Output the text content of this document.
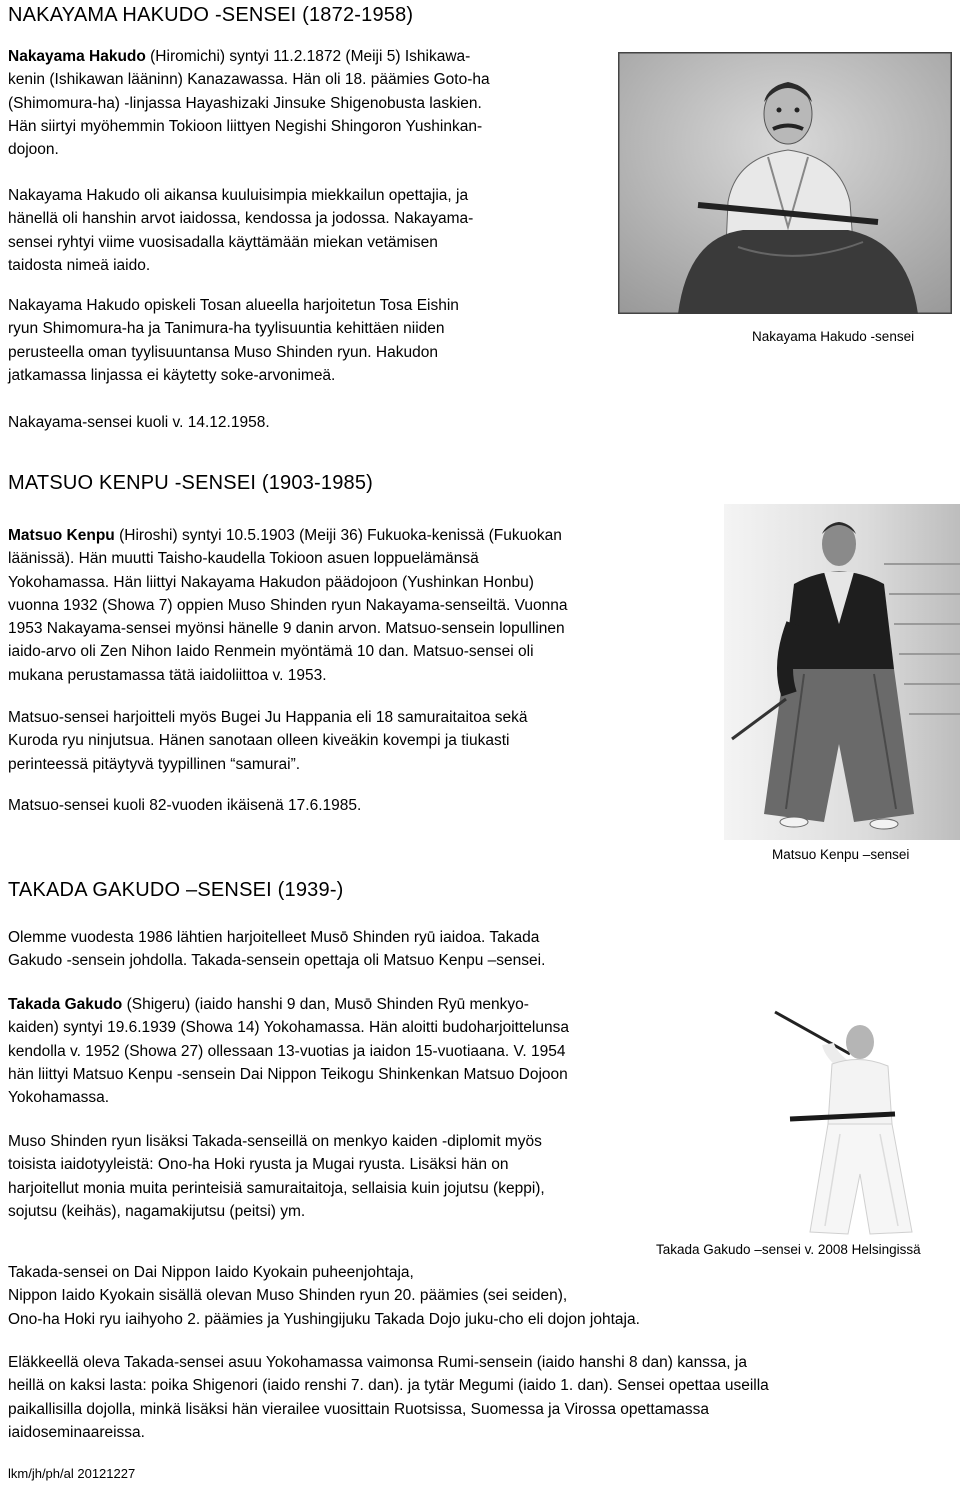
NAKAYAMA HAKUDO -SENSEI (1872-1958)
Nakayama Hakudo (Hiromichi) syntyi 11.2.1872 (Meiji 5) Ishikawa-
kenin (Ishikawan lääninn) Kanazawassa. Hän oli 18. päämies Goto-ha
(Shimomura-ha) -linjassa Hayashizaki Jinsuke Shigenobusta laskien.
Hän siirtyi myöhemmin Tokioon liittyen Negishi Shingoron Yushinkan-
dojoon.
Nakayama Hakudo oli aikansa kuuluisimpia miekkailun opettajia, ja
hänellä oli hanshin arvot iaidossa, kendossa ja jodossa. Nakayama-
sensei ryhtyi viime vuosisadalla käyttämään miekan vetämisen
taidosta nimeä iaido.
Nakayama Hakudo opiskeli Tosan alueella harjoitetun Tosa Eishin
ryun Shimomura-ha ja Tanimura-ha tyylisuuntia kehittäen niiden
perusteella oman tyylisuuntansa Muso Shinden ryun. Hakudon
jatkamassa linjassa ei käytetty soke-arvonimeä.
Nakayama-sensei kuoli v. 14.12.1958.
Nakayama Hakudo -sensei
MATSUO KENPU -SENSEI (1903-1985)
Matsuo Kenpu (Hiroshi) syntyi 10.5.1903 (Meiji 36) Fukuoka-kenissä (Fukuokan
läänissä). Hän muutti Taisho-kaudella Tokioon asuen loppuelämänsä
Yokohamassa. Hän liittyi Nakayama Hakudon päädojoon (Yushinkan Honbu)
vuonna 1932 (Showa 7) oppien Muso Shinden ryun Nakayama-senseiltä. Vuonna
1953 Nakayama-sensei myönsi hänelle 9 danin arvon. Matsuo-sensein lopullinen
iaido-arvo oli Zen Nihon Iaido Renmein myöntämä 10 dan. Matsuo-sensei oli
mukana perustamassa tätä iaidoliittoa v. 1953.
Matsuo-sensei harjoitteli myös Bugei Ju Happania eli 18 samuraitaitoa sekä
Kuroda ryu ninjutsua. Hänen sanotaan olleen kiveäkin kovempi ja tiukasti
perinteessä pitäytyvä tyypillinen “samurai”.
Matsuo-sensei kuoli 82-vuoden ikäisenä 17.6.1985.
Matsuo Kenpu –sensei
TAKADA GAKUDO –SENSEI (1939-)
Olemme vuodesta 1986 lähtien harjoitelleet Musō Shinden ryū iaidoa. Takada
Gakudo -sensein johdolla. Takada-sensein opettaja oli Matsuo Kenpu –sensei.
Takada Gakudo (Shigeru) (iaido hanshi 9 dan, Musō Shinden Ryū menkyo-
kaiden) syntyi 19.6.1939 (Showa 14) Yokohamassa. Hän aloitti budoharjoittelunsa
kendolla v. 1952 (Showa 27) ollessaan 13-vuotias ja iaidon 15-vuotiaana. V. 1954
hän liittyi Matsuo Kenpu -sensein Dai Nippon Teikogu Shinkenkan Matsuo Dojoon
Yokohamassa.
Muso Shinden ryun lisäksi Takada-senseillä on menkyo kaiden -diplomit myös
toisista iaidotyyleistä: Ono-ha Hoki ryusta ja Mugai ryusta. Lisäksi hän on
harjoitellut monia muita perinteisiä samuraitaitoja, sellaisia kuin jojutsu (keppi),
sojutsu (keihäs), nagamakijutsu (peitsi) ym.
Takada Gakudo –sensei v. 2008 Helsingissä
Takada-sensei on Dai Nippon Iaido Kyokain puheenjohtaja,
Nippon Iaido Kyokain sisällä olevan Muso Shinden ryun 20. päämies (sei seiden),
Ono-ha Hoki ryu iaihyoho 2. päämies ja Yushingijuku Takada Dojo juku-cho eli dojon johtaja.
Eläkkeellä oleva Takada-sensei asuu Yokohamassa vaimonsa Rumi-sensein (iaido hanshi 8 dan) kanssa, ja
heillä on kaksi lasta: poika Shigenori (iaido renshi 7. dan). ja tytär Megumi (iaido 1. dan). Sensei opettaa useilla
paikallisilla dojolla, minkä lisäksi hän vierailee vuosittain Ruotsissa, Suomessa ja Virossa opettamassa
iaidoseminaareissa.
lkm/jh/ph/al 20121227
